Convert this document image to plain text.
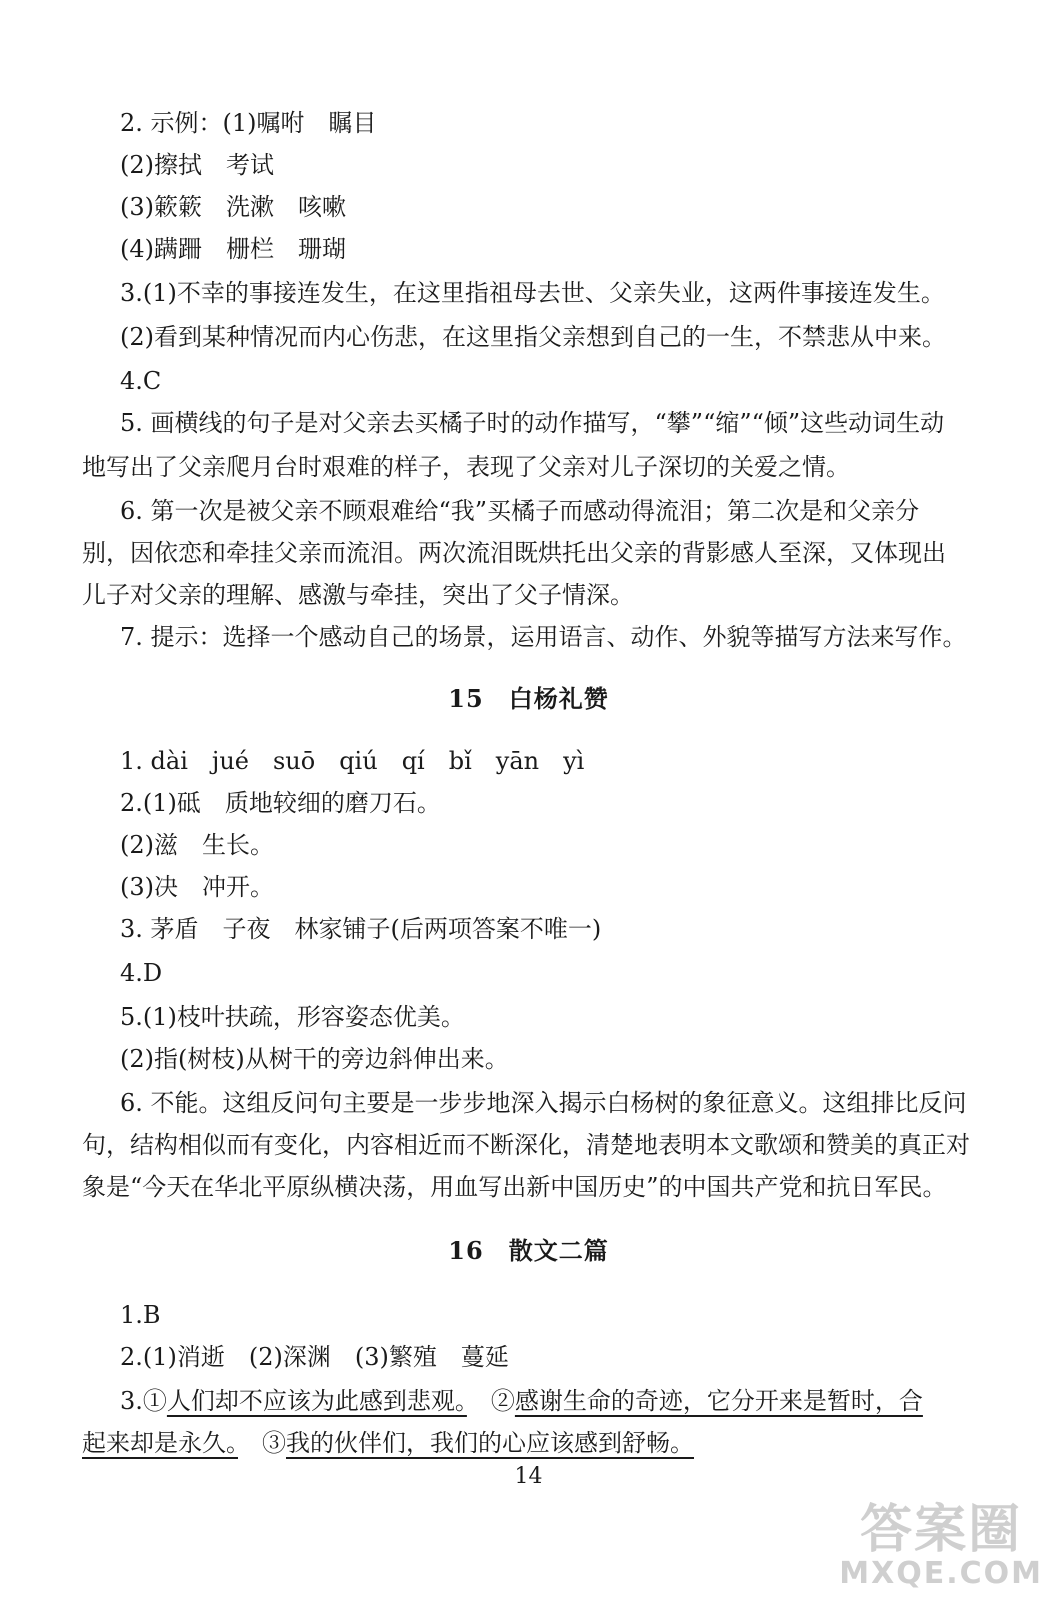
2. 示例：(1)嘱咐　瞩目
(2)擦拭　考试
(3)簌簌　洗漱　咳嗽
(4)蹒跚　栅栏　珊瑚
3.(1)不幸的事接连发生，在这里指祖母去世、父亲失业，这两件事接连发生。
(2)看到某种情况而内心伤悲，在这里指父亲想到自己的一生，不禁悲从中来。
4.C
5. 画横线的句子是对父亲去买橘子时的动作描写，“攀”“缩”“倾”这些动词生动
地写出了父亲爬月台时艰难的样子，表现了父亲对儿子深切的关爱之情。
6. 第一次是被父亲不顾艰难给“我”买橘子而感动得流泪；第二次是和父亲分
别，因依恋和牵挂父亲而流泪。两次流泪既烘托出父亲的背影感人至深，又体现出
儿子对父亲的理解、感激与牵挂，突出了父子情深。
7. 提示：选择一个感动自己的场景，运用语言、动作、外貌等描写方法来写作。
15　白杨礼赞
1. dài　jué　suō　qiú　qí　bǐ　yān　yì
2.(1)砥　质地较细的磨刀石。
(2)滋　生长。
(3)决　冲开。
3. 茅盾　子夜　林家铺子(后两项答案不唯一)
4.D
5.(1)枝叶扶疏，形容姿态优美。
(2)指(树枝)从树干的旁边斜伸出来。
6. 不能。这组反问句主要是一步步地深入揭示白杨树的象征意义。这组排比反问
句，结构相似而有变化，内容相近而不断深化，清楚地表明本文歌颂和赞美的真正对
象是“今天在华北平原纵横决荡，用血写出新中国历史”的中国共产党和抗日军民。
16　散文二篇
1.B
2.(1)消逝　(2)深渊　(3)繁殖　蔓延
3.①人们却不应该为此感到悲观。　②感谢生命的奇迹，它分开来是暂时，合
起来却是永久。　③我的伙伴们，我们的心应该感到舒畅。
14
答案圈
MXQE.COM
